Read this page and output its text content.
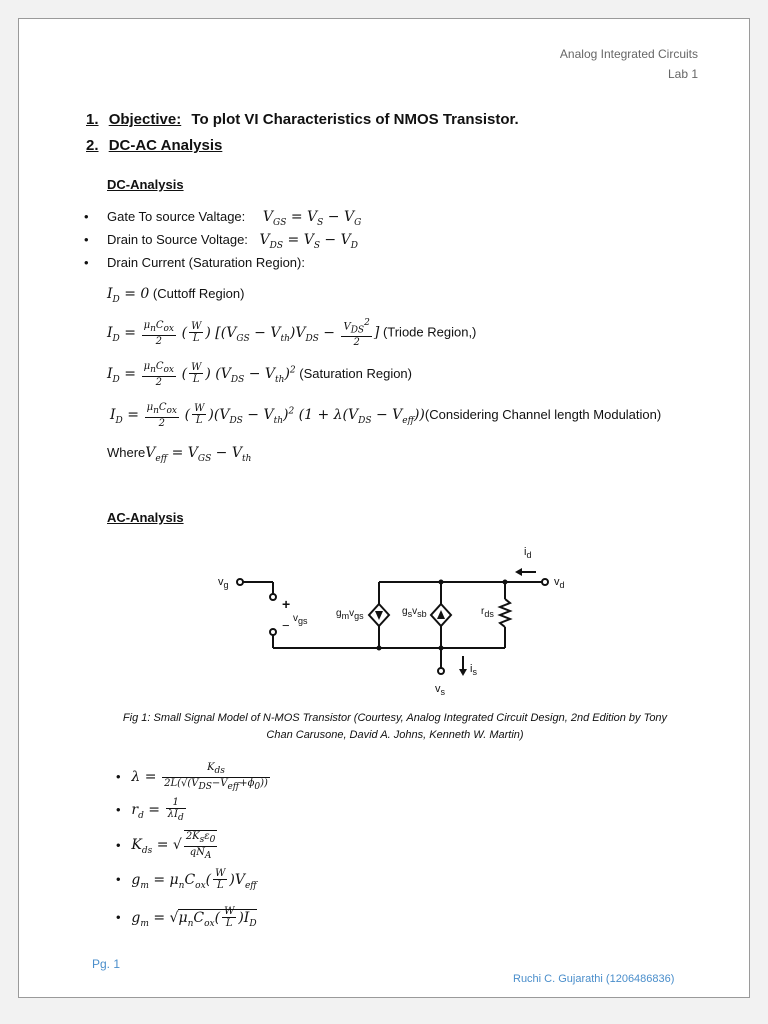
Analog Integrated Circuits
Lab 1
1. Objective: To plot VI Characteristics of NMOS Transistor.
2. DC-AC Analysis
DC-Analysis
• Gate To source Valtage: $V_{GS} = V_S - V_G$
• Drain to Source Voltage: $V_{DS} = V_S - V_D$
• Drain Current (Saturation Region):
$I_D = 0$ (Cuttoff Region)
$I_D = \frac{\mu_nC_{ox}}{2}$ ( $\frac{W}{L}$ ) [$(V_{GS} - V_{th})V_{DS} - \frac{V_{DS}^2}{2}$ ] (Triode Region,)
$I_D = \frac{\mu_nC_{ox}}{2}$ ( $\frac{W}{L}$ ) $(V_{DS} - V_{th})^2$ (Saturation Region)
$I_D = \frac{\mu_nC_{ox}}{2}$ ( $\frac{W}{L} )(V_{DS} - V_{th})^2$ ($1 + \lambda(V_{DS}$ − $V_{eff}))(Considering$ Channel length Modulation)
WhereV$_{eff}$ = $V_{GS} - V_{th}$
AC-Analysis
$v_g$
+
− $v_{gs}$
$g_mv_{gs}$	$g_sv_{sb}$	$r_{ds}$
$i_d$
$v_d$
$v_s$
$i_s$
Fig 1: Small Signal Model of N-MOS Transistor (Courtesy, Analog Integrated Circuit Design, 2nd Edition by Tony
Chan Carusone, David A. Johns, Kenneth W. Martin)
•   $\lambda = \frac{K_{ds}}{2L(√(V_{DS}-V_{eff}+\phi_0))}$
•   $r_d = \frac{1}{\lambda I_d}$
•   $K_{ds}$ = √ $\frac{2K_s\varepsilon_0}{qN_A}$
•   $g_m = \mu_nC_{ox}( \frac{W}{L} )V_{eff}$
•   $g_m = √\mu_nC_{ox}( \frac{W}{L} )I_D$
Pg. 1
Ruchi C. Gujarathi (1206486836)
